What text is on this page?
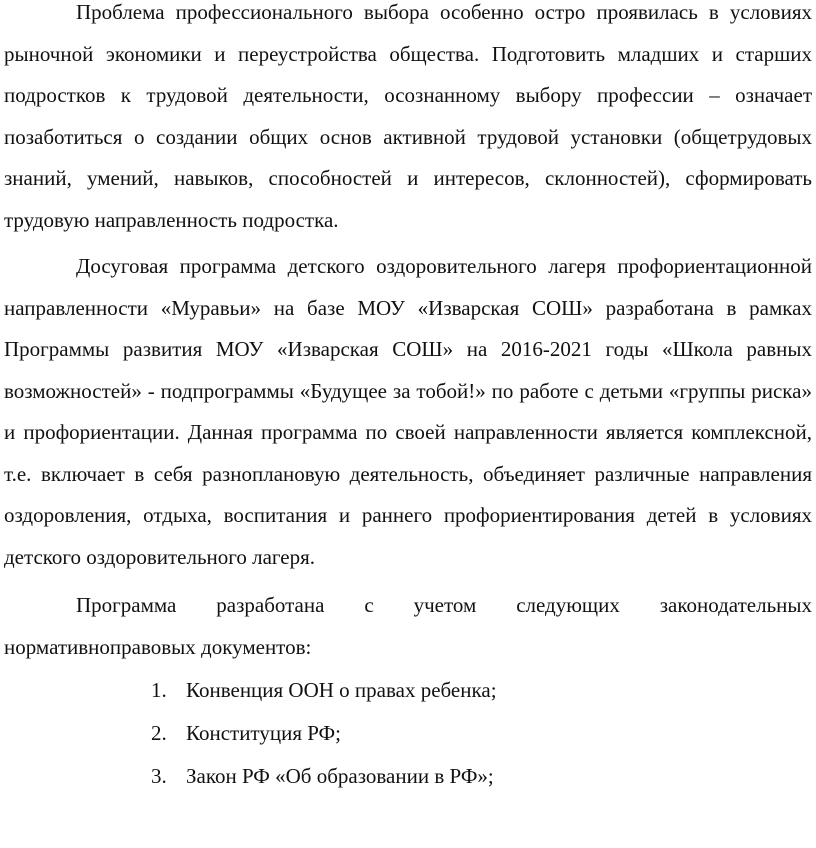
Проблема профессионального выбора особенно остро проявилась в условиях рыночной экономики и переустройства общества. Подготовить младших и старших подростков к трудовой деятельности, осознанному выбору профессии – означает позаботиться о создании общих основ активной трудовой установки (общетрудовых знаний, умений, навыков, способностей и интересов, склонностей), сформировать трудовую направленность подростка.

Досуговая программа детского оздоровительного лагеря профориентационной направленности «Муравьи» на базе МОУ «Изварская СОШ» разработана в рамках Программы развития МОУ «Изварская СОШ» на 2016-2021 годы «Школа равных возможностей» - подпрограммы «Будущее за тобой!» по работе с детьми «группы риска» и профориентации. Данная программа по своей направленности является комплексной, т.е. включает в себя разноплановую деятельность, объединяет различные направления оздоровления, отдыха, воспитания и раннего профориентирования детей в условиях детского оздоровительного лагеря.

Программа разработана с учетом следующих законодательных нормативноправовых документов:

1. Конвенция ООН о правах ребенка;
2. Конституция РФ;
3. Закон РФ «Об образовании в РФ»;
